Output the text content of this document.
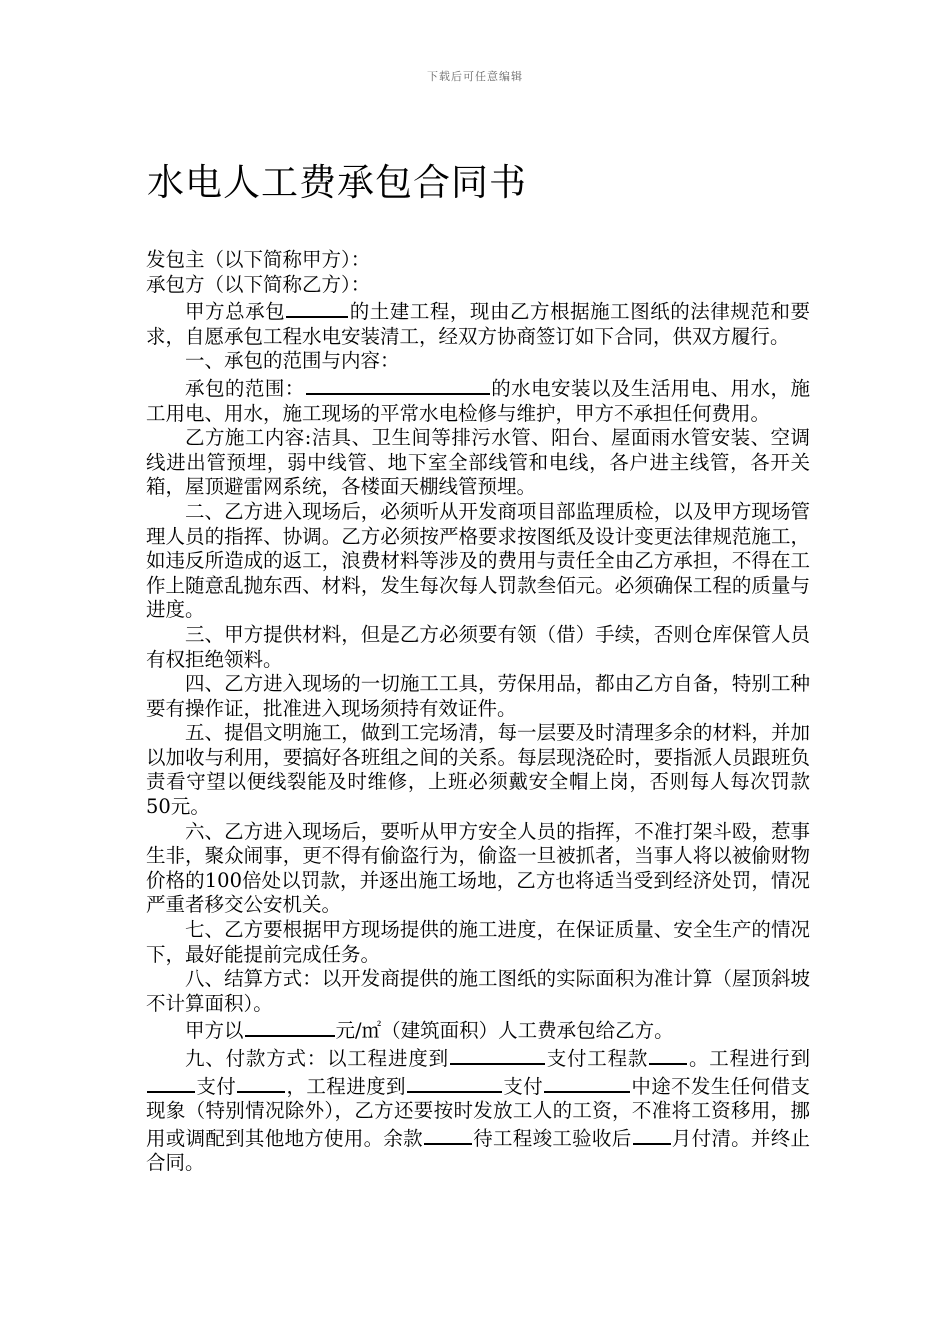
下载后可任意编辑
水电人工费承包合同书

发包主（以下简称甲方）：

承包方（以下简称乙方）：

甲方总承包	的土建工程，现由乙方根据施工图纸的法律规范和要求，自愿承包工程水电安装清工，经双方协商签订如下合同，供双方履行。

一、承包的范围与内容：

承包的范围：	的水电安装以及生活用电、用水，施工用电、用水，施工现场的平常水电检修与维护，甲方不承担任何费用。

乙方施工内容:洁具、卫生间等排污水管、阳台、屋面雨水管安装、空调线进出管预埋，弱中线管、地下室全部线管和电线，各户进主线管，各开关箱，屋顶避雷网系统，各楼面天棚线管预埋。

二、乙方进入现场后，必须听从开发商项目部监理质检，以及甲方现场管理人员的指挥、协调。乙方必须按严格要求按图纸及设计变更法律规范施工，如违反所造成的返工，浪费材料等涉及的费用与责任全由乙方承担，不得在工作上随意乱抛东西、材料，发生每次每人罚款叁佰元。必须确保工程的质量与进度。

三、甲方提供材料，但是乙方必须要有领（借）手续，否则仓库保管人员有权拒绝领料。

四、乙方进入现场的一切施工工具，劳保用品，都由乙方自备，特别工种要有操作证，批准进入现场须持有效证件。

五、提倡文明施工，做到工完场清，每一层要及时清理多余的材料，并加以加收与利用，要搞好各班组之间的关系。每层现浇砼时，要指派人员跟班负责看守望以便线裂能及时维修，上班必须戴安全帽上岗，否则每人每次罚款50元。

六、乙方进入现场后，要听从甲方安全人员的指挥，不准打架斗殴，惹事生非，聚众闹事，更不得有偷盗行为，偷盗一旦被抓者，当事人将以被偷财物价格的100倍处以罚款，并逐出施工场地，乙方也将适当受到经济处罚，情况严重者移交公安机关。

七、乙方要根据甲方现场提供的施工进度，在保证质量、安全生产的情况下，最好能提前完成任务。

八、结算方式：以开发商提供的施工图纸的实际面积为准计算（屋顶斜坡不计算面积）。

甲方以	元/㎡（建筑面积）人工费承包给乙方。

九、付款方式：以工程进度到	支付工程款 。工程进行到支付	，工程进度到	支付	中途不发生任何借支现象（特别情况除外），乙方还要按时发放工人的工资，不准将工资移用，挪用或调配到其他地方使用。余款	待工程竣工验收后 月付清。并终止合同。
